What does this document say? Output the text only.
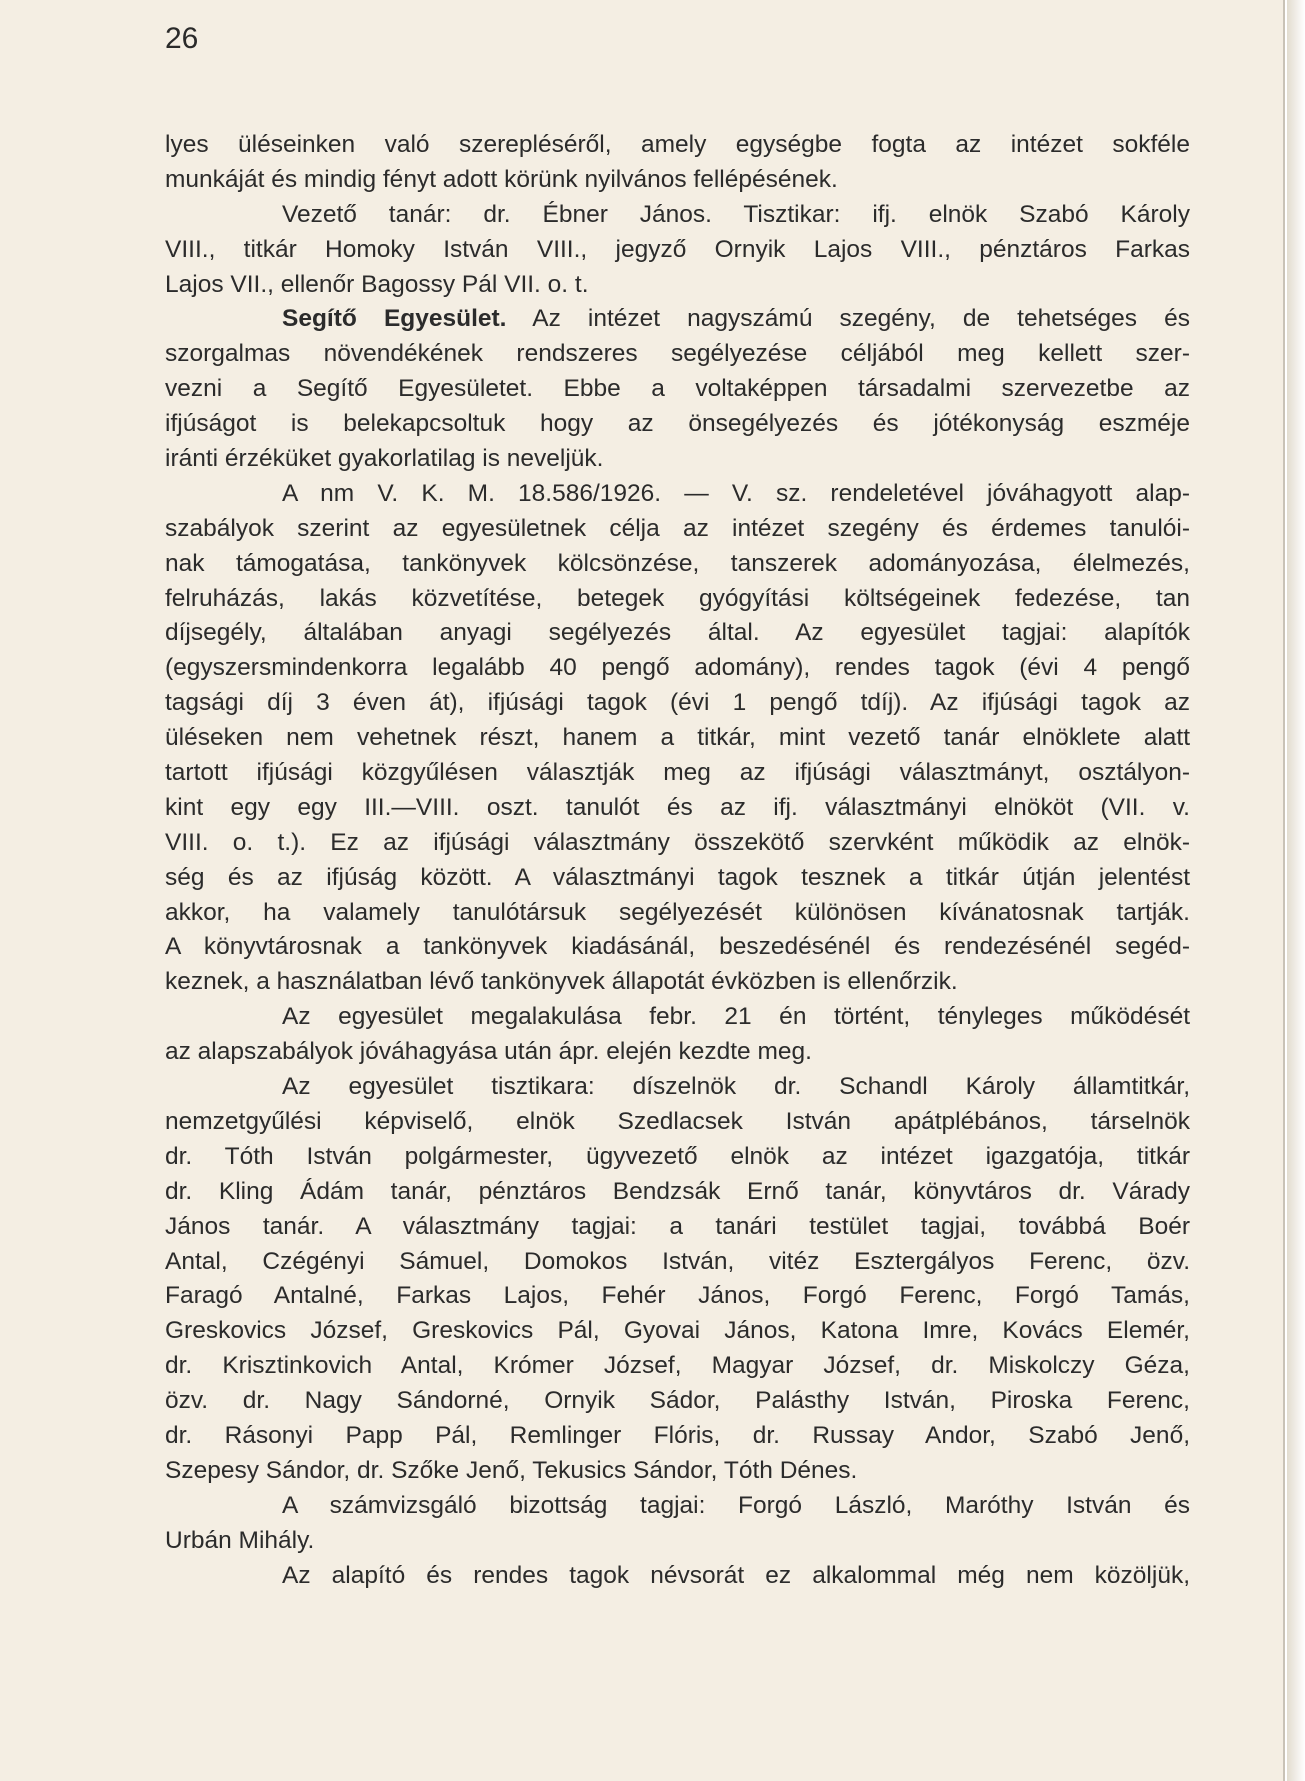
26
lyes üléseinken való szerepléséről, amely egységbe fogta az intézet sokféle
munkáját és mindig fényt adott körünk nyilvános fellépésének.
Vezető tanár: dr. Ébner János. Tisztikar: ifj. elnök Szabó Károly
VIII., titkár Homoky István VIII., jegyző Ornyik Lajos VIII., pénztáros Farkas
Lajos VII., ellenőr Bagossy Pál VII. o. t.
Segítő Egyesület. Az intézet nagyszámú szegény, de tehetséges és
szorgalmas növendékének rendszeres segélyezése céljából meg kellett szer-
vezni a Segítő Egyesületet. Ebbe a voltaképpen társadalmi szervezetbe az
ifjúságot is belekapcsoltuk hogy az önsegélyezés és jótékonyság eszméje
iránti érzéküket gyakorlatilag is neveljük.
A nm V. K. M. 18.586/1926. — V. sz. rendeletével jóváhagyott alap-
szabályok szerint az egyesületnek célja az intézet szegény és érdemes tanulói-
nak támogatása, tankönyvek kölcsönzése, tanszerek adományozása, élelmezés,
felruházás, lakás közvetítése, betegek gyógyítási költségeinek fedezése, tan
díjsegély, általában anyagi segélyezés által. Az egyesület tagjai: alapítók
(egyszersmindenkorra legalább 40 pengő adomány), rendes tagok (évi 4 pengő
tagsági díj 3 éven át), ifjúsági tagok (évi 1 pengő tdíj). Az ifjúsági tagok az
üléseken nem vehetnek részt, hanem a titkár, mint vezető tanár elnöklete alatt
tartott ifjúsági közgyűlésen választják meg az ifjúsági választmányt, osztályon-
kint egy egy III.—VIII. oszt. tanulót és az ifj. választmányi elnököt (VII. v.
VIII. o. t.). Ez az ifjúsági választmány összekötő szervként működik az elnök-
ség és az ifjúság között. A választmányi tagok tesznek a titkár útján jelentést
akkor, ha valamely tanulótársuk segélyezését különösen kívánatosnak tartják.
A könyvtárosnak a tankönyvek kiadásánál, beszedésénél és rendezésénél segéd-
keznek, a használatban lévő tankönyvek állapotát évközben is ellenőrzik.
Az egyesület megalakulása febr. 21 én történt, tényleges működését
az alapszabályok jóváhagyása után ápr. elején kezdte meg.
Az egyesület tisztikara: díszelnök dr. Schandl Károly államtitkár,
nemzetgyűlési képviselő, elnök Szedlacsek István apátplébános, társelnök
dr. Tóth István polgármester, ügyvezető elnök az intézet igazgatója, titkár
dr. Kling Ádám tanár, pénztáros Bendzsák Ernő tanár, könyvtáros dr. Várady
János tanár. A választmány tagjai: a tanári testület tagjai, továbbá Boér
Antal, Czégényi Sámuel, Domokos István, vitéz Esztergályos Ferenc, özv.
Faragó Antalné, Farkas Lajos, Fehér János, Forgó Ferenc, Forgó Tamás,
Greskovics József, Greskovics Pál, Gyovai János, Katona Imre, Kovács Elemér,
dr. Krisztinkovich Antal, Krómer József, Magyar József, dr. Miskolczy Géza,
özv. dr. Nagy Sándorné, Ornyik Sádor, Palásthy István, Piroska Ferenc,
dr. Rásonyi Papp Pál, Remlinger Flóris, dr. Russay Andor, Szabó Jenő,
Szepesy Sándor, dr. Szőke Jenő, Tekusics Sándor, Tóth Dénes.
A számvizsgáló bizottság tagjai: Forgó László, Maróthy István és
Urbán Mihály.
Az alapító és rendes tagok névsorát ez alkalommal még nem közöljük,
